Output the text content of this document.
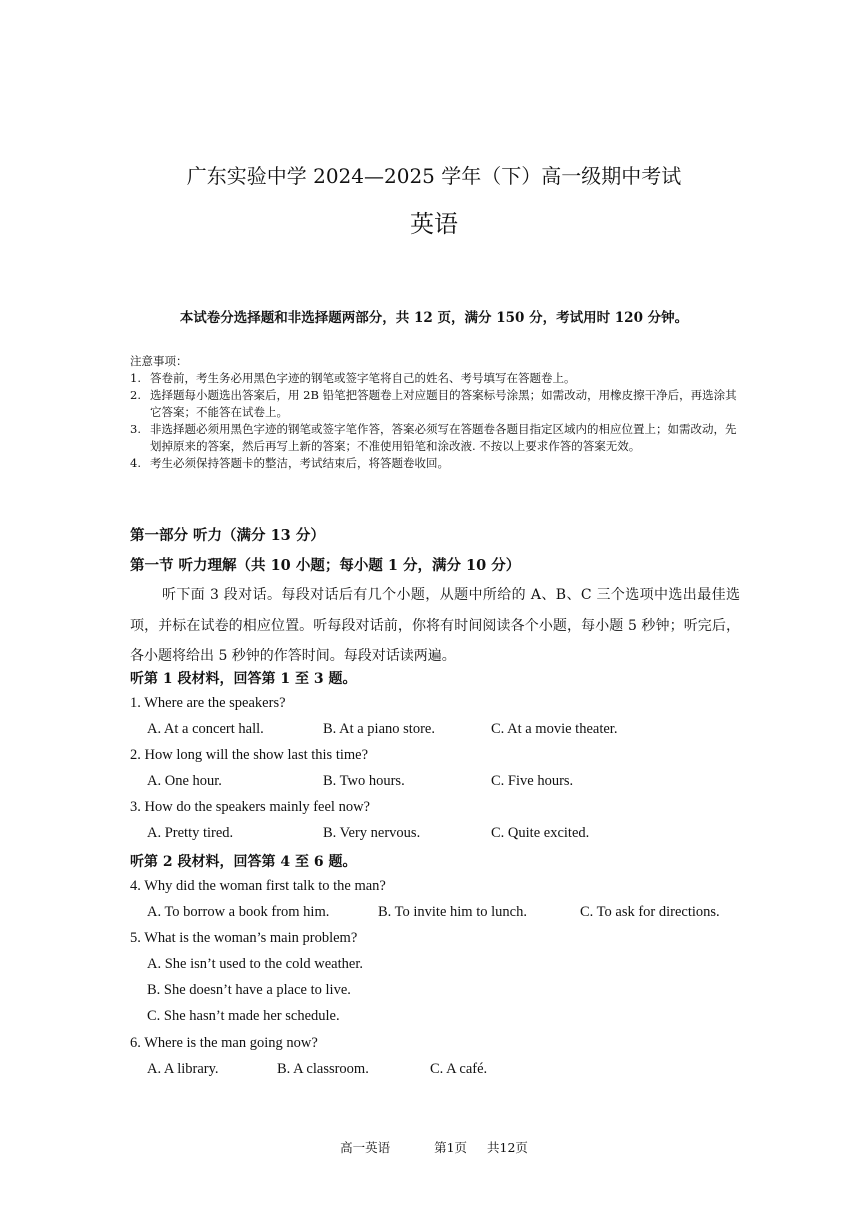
广东实验中学 2024—2025 学年（下）高一级期中考试
英语
本试卷分选择题和非选择题两部分，共 12 页，满分 150 分，考试用时 120 分钟。
注意事项：
1. 答卷前，考生务必用黑色字迹的钢笔或签字笔将自己的姓名、考号填写在答题卷上。
2. 选择题每小题选出答案后，用 2B 铅笔把答题卷上对应题目的答案标号涂黑；如需改动，用橡皮擦干净后，再选涂其它答案；不能答在试卷上。
3. 非选择题必须用黑色字迹的钢笔或签字笔作答，答案必须写在答题卷各题目指定区域内的相应位置上；如需改动，先划掉原来的答案，然后再写上新的答案；不准使用铅笔和涂改液. 不按以上要求作答的答案无效。
4. 考生必须保持答题卡的整洁，考试结束后，将答题卷收回。
第一部分 听力（满分 13 分）
第一节 听力理解（共 10 小题；每小题 1 分，满分 10 分）
听下面 3 段对话。每段对话后有几个小题，从题中所给的 A、B、C 三个选项中选出最佳选项，并标在试卷的相应位置。听每段对话前，你将有时间阅读各个小题，每小题 5 秒钟；听完后，各小题将给出 5 秒钟的作答时间。每段对话读两遍。
听第 1 段材料，回答第 1 至 3 题。
1. Where are the speakers?
A. At a concert hall.	B. At a piano store.	C. At a movie theater.
2. How long will the show last this time?
A. One hour.	B. Two hours.	C. Five hours.
3. How do the speakers mainly feel now?
A. Pretty tired.	B. Very nervous.	C. Quite excited.
听第 2 段材料，回答第 4 至 6 题。
4. Why did the woman first talk to the man?
A. To borrow a book from him.	B. To invite him to lunch.	C. To ask for directions.
5. What is the woman’s main problem?
A. She isn’t used to the cold weather.
B. She doesn’t have a place to live.
C. She hasn’t made her schedule.
6. Where is the man going now?
A. A library.	B. A classroom.	C. A café.
高一英语	第1页 共12页
